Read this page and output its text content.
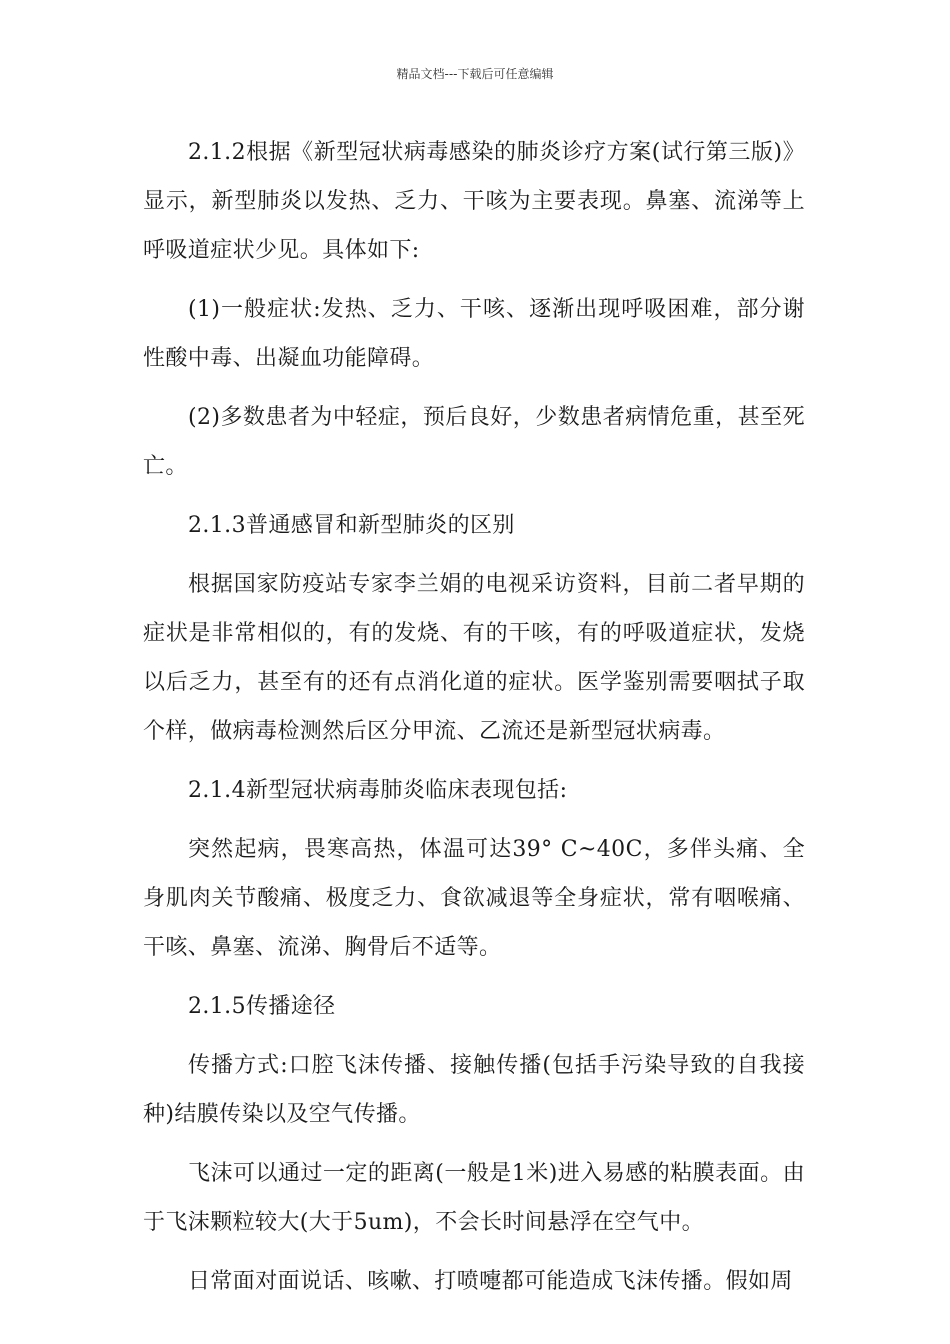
精品文档---下载后可任意编辑

2.1.2根据《新型冠状病毒感染的肺炎诊疗方案(试行第三版)》显示，新型肺炎以发热、乏力、干咳为主要表现。鼻塞、流涕等上呼吸道症状少见。具体如下:

(1)一般症状:发热、乏力、干咳、逐渐出现呼吸困难，部分谢性酸中毒、出凝血功能障碍。

(2)多数患者为中轻症，预后良好，少数患者病情危重，甚至死亡。

2.1.3普通感冒和新型肺炎的区别

根据国家防疫站专家李兰娟的电视采访资料，目前二者早期的症状是非常相似的，有的发烧、有的干咳，有的呼吸道症状，发烧以后乏力，甚至有的还有点消化道的症状。医学鉴别需要咽拭子取个样，做病毒检测然后区分甲流、乙流还是新型冠状病毒。

2.1.4新型冠状病毒肺炎临床表现包括:

突然起病，畏寒高热，体温可达39° C~40C，多伴头痛、全身肌肉关节酸痛、极度乏力、食欲减退等全身症状，常有咽喉痛、干咳、鼻塞、流涕、胸骨后不适等。

2.1.5传播途径

传播方式:口腔飞沫传播、接触传播(包括手污染导致的自我接种)结膜传染以及空气传播。

飞沫可以通过一定的距离(一般是1米)进入易感的粘膜表面。由于飞沫颗粒较大(大于5um)，不会长时间悬浮在空气中。

日常面对面说话、咳嗽、打喷嚏都可能造成飞沫传播。假如周
